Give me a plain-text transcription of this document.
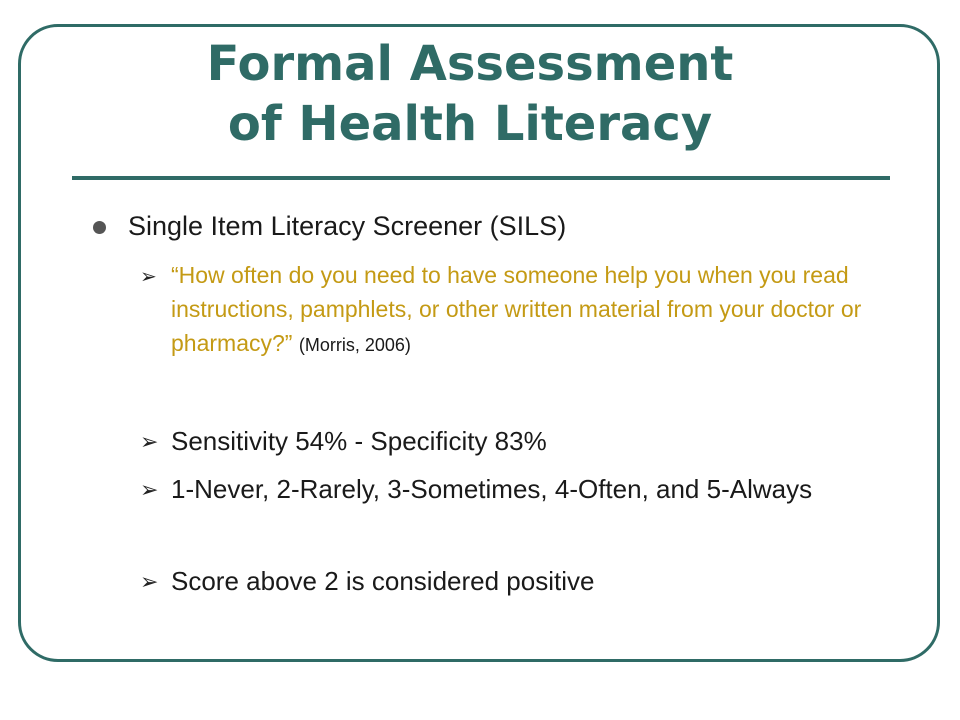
Formal Assessment
of Health Literacy
Single Item Literacy Screener (SILS)
➢ “How often do you need to have someone help you when you read instructions, pamphlets, or other written material from your doctor or pharmacy?” (Morris, 2006)
➢ Sensitivity 54% - Specificity 83%
➢ 1-Never, 2-Rarely, 3-Sometimes, 4-Often, and 5-Always
➢ Score above 2 is considered positive
